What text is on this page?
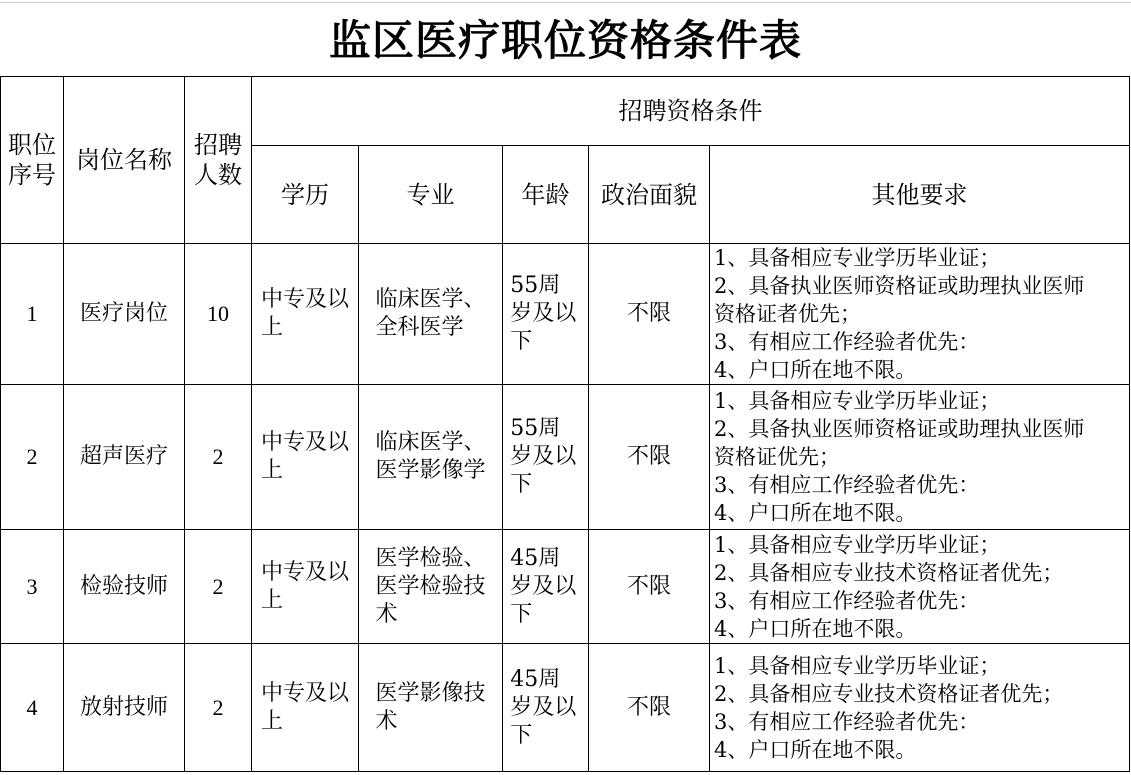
监区医疗职位资格条件表
职位序号	岗位名称	招聘人数	招聘资格条件				
			学历	专业	年龄	政治面貌	其他要求
1	医疗岗位	10	中专及以上	临床医学、全科医学	55周岁及以下	不限	1、具备相应专业学历毕业证；
2、具备执业医师资格证或助理执业医师
资格证者优先；
3、有相应工作经验者优先：
4、户口所在地不限。

2	超声医疗	2	中专及以上	临床医学、医学影像学	55周岁及以下	不限	1、具备相应专业学历毕业证；
2、具备执业医师资格证或助理执业医师
资格证优先；
3、有相应工作经验者优先：
4、户口所在地不限。

3	检验技师	2	中专及以上	医学检验、医学检验技术	45周岁及以下	不限	1、具备相应专业学历毕业证；
2、具备相应专业技术资格证者优先；
3、有相应工作经验者优先：
4、户口所在地不限。

4	放射技师	2	中专及以上	医学影像技术	45周岁及以下	不限	1、具备相应专业学历毕业证；
2、具备相应专业技术资格证者优先；
3、有相应工作经验者优先：
4、户口所在地不限。
